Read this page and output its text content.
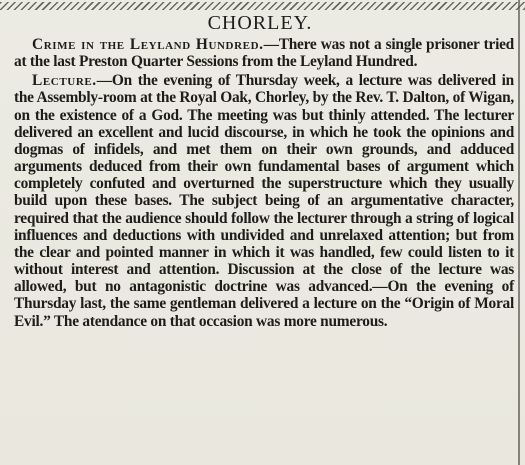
CHORLEY.

Crime in the Leyland Hundred.—There was not a single prisoner tried at the last Preston Quarter Sessions from the Leyland Hundred.

Lecture.—On the evening of Thursday week, a lecture was delivered in the Assembly-room at the Royal Oak, Chorley, by the Rev. T. Dalton, of Wigan, on the existence of a God. The meeting was but thinly attended. The lecturer delivered an excellent and lucid discourse, in which he took the opinions and dogmas of infidels, and met them on their own grounds, and adduced arguments deduced from their own fundamental bases of argument which completely confuted and overturned the superstructure which they usually build upon these bases. The subject being of an argumentative character, required that the audience should follow the lecturer through a string of logical influences and deductions with undivided and unrelaxed attention; but from the clear and pointed manner in which it was handled, few could listen to it without interest and attention. Discussion at the close of the lecture was allowed, but no antagonistic doctrine was advanced.—On the evening of Thursday last, the same gentleman delivered a lecture on the “Origin of Moral Evil.” The atendance on that occasion was more numerous.
